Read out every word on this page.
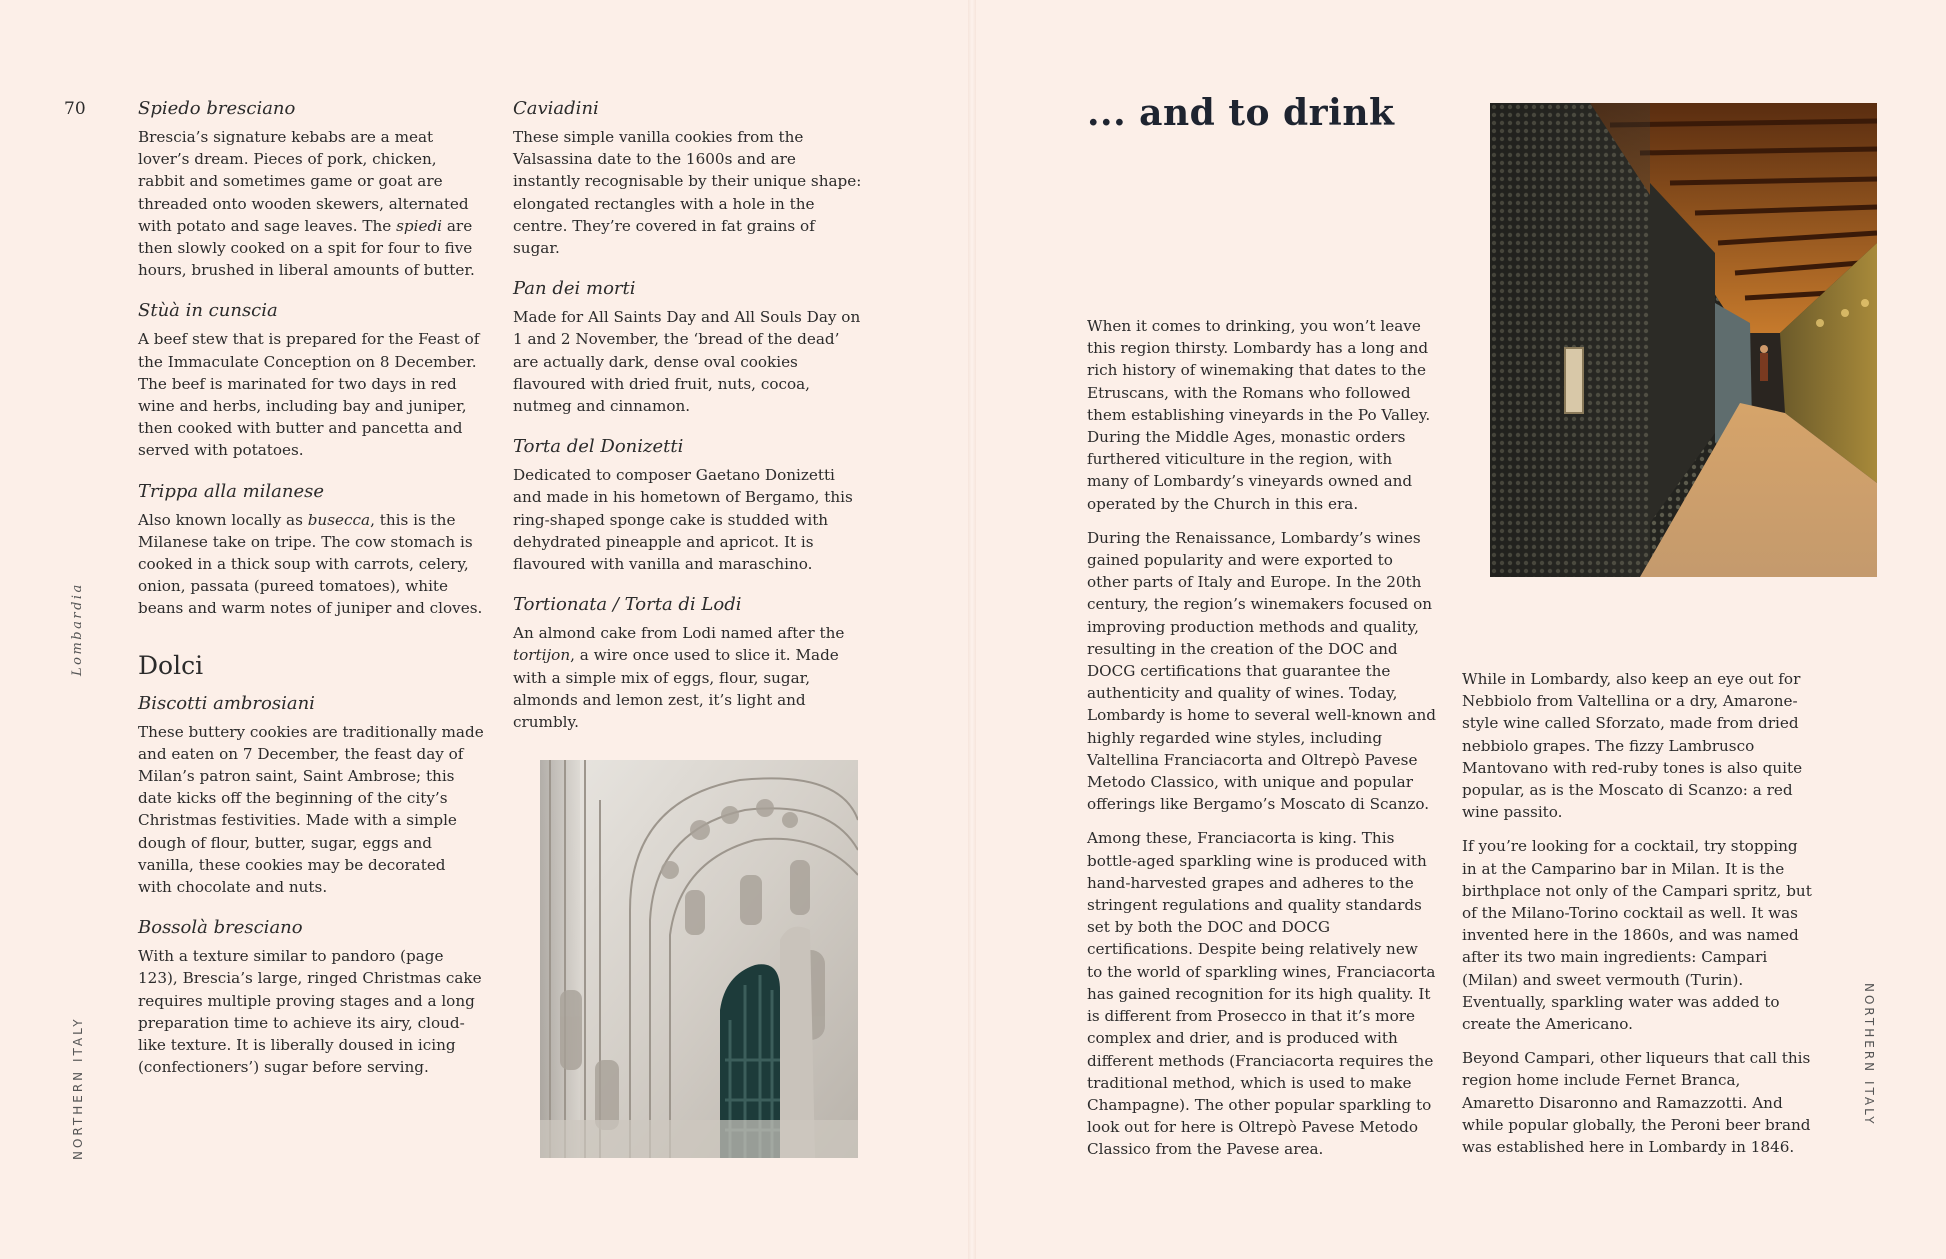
70
Lombardia
NORTHERN ITALY
Spiedo bresciano

Brescia’s signature kebabs are a meat lover’s dream. Pieces of pork, chicken, rabbit and sometimes game or goat are threaded onto wooden skewers, alternated with potato and sage leaves. The spiedi are then slowly cooked on a spit for four to five hours, brushed in liberal amounts of butter.

Stùà in cunscia

A beef stew that is prepared for the Feast of the Immaculate Conception on 8 December. The beef is marinated for two days in red wine and herbs, including bay and juniper, then cooked with butter and pancetta and served with potatoes.

Trippa alla milanese

Also known locally as busecca, this is the Milanese take on tripe. The cow stomach is cooked in a thick soup with carrots, celery, onion, passata (pureed tomatoes), white beans and warm notes of juniper and cloves.

Dolci
Biscotti ambrosiani

These buttery cookies are traditionally made and eaten on 7 December, the feast day of Milan’s patron saint, Saint Ambrose; this date kicks off the beginning of the city’s Christmas festivities. Made with a simple dough of flour, butter, sugar, eggs and vanilla, these cookies may be decorated with chocolate and nuts.

Bossolà bresciano

With a texture similar to pandoro (page 123), Brescia’s large, ringed Christmas cake requires multiple proving stages and a long preparation time to achieve its airy, cloud-like texture. It is liberally doused in icing (confectioners’) sugar before serving.

Caviadini

These simple vanilla cookies from the Valsassina date to the 1600s and are instantly recognisable by their unique shape: elongated rectangles with a hole in the centre. They’re covered in fat grains of sugar.

Pan dei morti

Made for All Saints Day and All Souls Day on 1 and 2 November, the ‘bread of the dead’ are actually dark, dense oval cookies flavoured with dried fruit, nuts, cocoa, nutmeg and cinnamon.

Torta del Donizetti

Dedicated to composer Gaetano Donizetti and made in his hometown of Bergamo, this ring-shaped sponge cake is studded with dehydrated pineapple and apricot. It is flavoured with vanilla and maraschino.

Tortionata / Torta di Lodi

An almond cake from Lodi named after the tortijon, a wire once used to slice it. Made with a simple mix of eggs, flour, sugar, almonds and lemon zest, it’s light and crumbly.

... and to drink

When it comes to drinking, you won’t leave this region thirsty. Lombardy has a long and rich history of winemaking that dates to the Etruscans, with the Romans who followed them establishing vineyards in the Po Valley. During the Middle Ages, monastic orders furthered viticulture in the region, with many of Lombardy’s vineyards owned and operated by the Church in this era.

During the Renaissance, Lombardy’s wines gained popularity and were exported to other parts of Italy and Europe. In the 20th century, the region’s winemakers focused on improving production methods and quality, resulting in the creation of the DOC and DOCG certifications that guarantee the authenticity and quality of wines. Today, Lombardy is home to several well-known and highly regarded wine styles, including Valtellina Franciacorta and Oltrepò Pavese Metodo Classico, with unique and popular offerings like Bergamo’s Moscato di Scanzo.

Among these, Franciacorta is king. This bottle-aged sparkling wine is produced with hand-harvested grapes and adheres to the stringent regulations and quality standards set by both the DOC and DOCG certifications. Despite being relatively new to the world of sparkling wines, Franciacorta has gained recognition for its high quality. It is different from Prosecco in that it’s more complex and drier, and is produced with different methods (Franciacorta requires the traditional method, which is used to make Champagne). The other popular sparkling to look out for here is Oltrepò Pavese Metodo Classico from the Pavese area.

While in Lombardy, also keep an eye out for Nebbiolo from Valtellina or a dry, Amarone-style wine called Sforzato, made from dried nebbiolo grapes. The fizzy Lambrusco Mantovano with red-ruby tones is also quite popular, as is the Moscato di Scanzo: a red wine passito.

If you’re looking for a cocktail, try stopping in at the Camparino bar in Milan. It is the birthplace not only of the Campari spritz, but of the Milano-Torino cocktail as well. It was invented here in the 1860s, and was named after its two main ingredients: Campari (Milan) and sweet vermouth (Turin). Eventually, sparkling water was added to create the Americano.

Beyond Campari, other liqueurs that call this region home include Fernet Branca, Amaretto Disaronno and Ramazzotti. And while popular globally, the Peroni beer brand was established here in Lombardy in 1846.

NORTHERN ITALY
